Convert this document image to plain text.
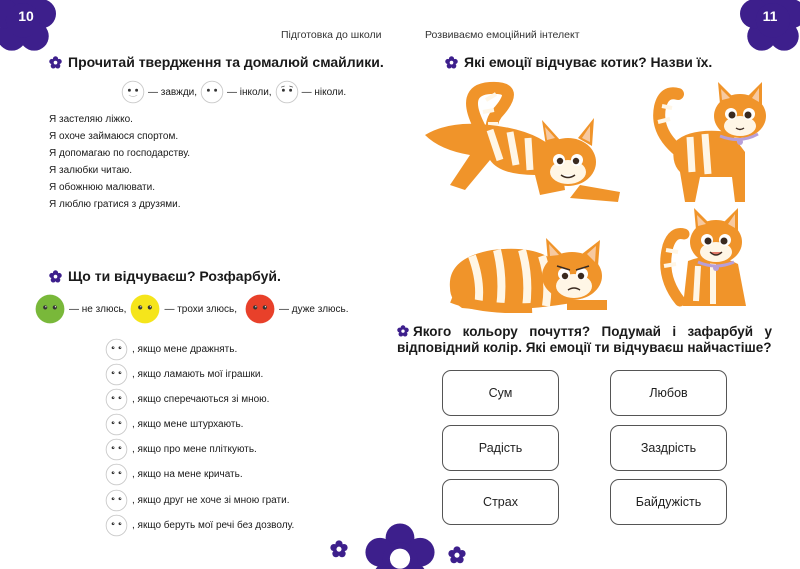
10
Підготовка до школи
Прочитай твердження та домалюй смайлики.
— завжди,	— інколи,	— ніколи.
Я застеляю ліжко.
Я охоче займаюся спортом.
Я допомагаю по господарству.
Я залюбки читаю.
Я обожнюю малювати.
Я люблю гратися з друзями.
Що ти відчуваєш? Розфарбуй.
— не злюсь,	— трохи злюсь,	— дуже злюсь.
, якщо мене дражнять.
, якщо ламають мої іграшки.
, якщо сперечаються зі мною.
, якщо мене штурхають.
, якщо про мене пліткують.
, якщо на мене кричать.
, якщо друг не хоче зі мною грати.
, якщо беруть мої речі без дозволу.
11
Розвиваємо емоційний інтелект
Які емоції відчуває котик? Назви їх.
Якого кольору почуття? Подумай і зафарбуй у відповідний колір. Які емоції ти відчуваєш найчастіше?
Сум	Любов
Радість	Заздрість
Страх	Байдужість
